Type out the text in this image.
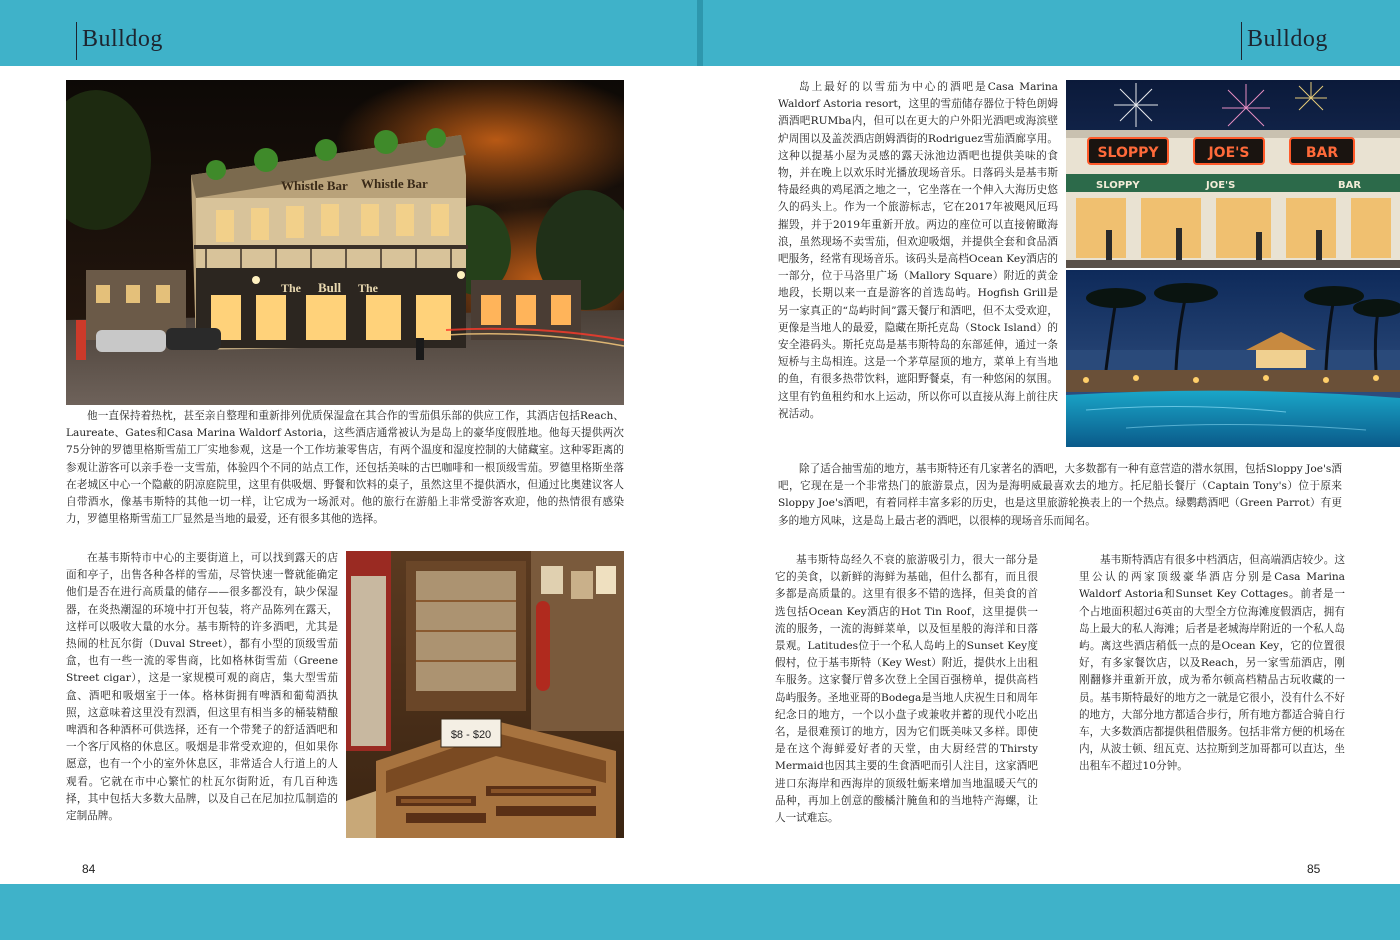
Bulldog	Bulldog
Whistle Bar Whistle Bar
The Bull The

他一直保持着热枕，甚至亲自整理和重新排列优质保湿盒在其合作的雪茄俱乐部的供应工作，其酒店包括Reach、Laureate、Gates和Casa Marina Waldorf Astoria，这些酒店通常被认为是岛上的豪华度假胜地。他每天提供两次75分钟的罗德里格斯雪茄工厂实地参观，这是一个工作坊兼零售店，有两个温度和湿度控制的大储藏室。这种零距离的参观让游客可以亲手卷一支雪茄，体验四个不同的站点工作，还包括美味的古巴咖啡和一根顶级雪茄。罗德里格斯坐落在老城区中心一个隐蔽的阴凉庭院里，这里有供吸烟、野餐和饮料的桌子，虽然这里不提供酒水，但通过比奥建议客人自带酒水，像基韦斯特的其他一切一样，让它成为一场派对。他的旅行在游船上非常受游客欢迎，他的热情很有感染力，罗德里格斯雪茄工厂显然是当地的最爱，还有很多其他的选择。

在基韦斯特市中心的主要街道上，可以找到露天的店面和亭子，出售各种各样的雪茄，尽管快速一瞥就能确定他们是否在进行高质量的储存——很多都没有，缺少保湿器，在炎热潮湿的环境中打开包装，将产品陈列在露天，这样可以吸收大量的水分。基韦斯特的许多酒吧，尤其是热闹的杜瓦尔街（Duval Street），都有小型的顶级雪茄盒，也有一些一流的零售商，比如格林街雪茄（Greene Street cigar），这是一家规模可观的商店，集大型雪茄盒、酒吧和吸烟室于一体。格林街拥有啤酒和葡萄酒执照，这意味着这里没有烈酒，但这里有相当多的桶装精酿啤酒和各种酒杯可供选择，还有一个带凳子的舒适酒吧和一个客厅风格的休息区。吸烟是非常受欢迎的，但如果你愿意，也有一个小的室外休息区，非常适合人行道上的人观看。它就在市中心繁忙的杜瓦尔街附近，有几百种选择，其中包括大多数大品牌，以及自己在尼加拉瓜制造的定制品牌。

$8 - $20
84

岛上最好的以雪茄为中心的酒吧是Casa Marina Waldorf Astoria resort，这里的雪茄储存器位于特色朗姆酒酒吧RUMba内，但可以在更大的户外阳光酒吧或海滨壁炉周围以及盖茨酒店朗姆酒街的Rodriguez雪茄酒廊享用。这种以提基小屋为灵感的露天泳池边酒吧也提供美味的食物，并在晚上以欢乐时光播放现场音乐。日落码头是基韦斯特最经典的鸡尾酒之地之一，它坐落在一个伸入大海历史悠久的码头上。作为一个旅游标志，它在2017年被飓风厄玛摧毁，并于2019年重新开放。两边的座位可以直接俯瞰海浪，虽然现场不卖雪茄，但欢迎吸烟，并提供全套和食品酒吧服务，经常有现场音乐。该码头是高档Ocean Key酒店的一部分，位于马洛里广场（Mallory Square）附近的黄金地段，长期以来一直是游客的首选岛屿。Hogfish Grill是另一家真正的“岛屿时间”露天餐厅和酒吧，但不太受欢迎，更像是当地人的最爱，隐藏在斯托克岛（Stock Island）的安全港码头。斯托克岛是基韦斯特岛的东部延伸，通过一条短桥与主岛相连。这是一个茅草屋顶的地方，菜单上有当地的鱼，有很多热带饮料，遮阳野餐桌，有一种悠闲的氛围。这里有钓鱼租约和水上运动，所以你可以直接从海上前往庆祝活动。

SLOPPY	JOE'S	BAR
SLOPPY	JOE'S	BAR

除了适合抽雪茄的地方，基韦斯特还有几家著名的酒吧，大多数都有一种有意营造的潜水氛围，包括Sloppy Joe's酒吧，它现在是一个非常热门的旅游景点，因为是海明威最喜欢去的地方。托尼船长餐厅（Captain Tony's）位于原来Sloppy Joe's酒吧，有着同样丰富多彩的历史，也是这里旅游轮换表上的一个热点。绿鹦鹉酒吧（Green Parrot）有更多的地方风味，这是岛上最古老的酒吧，以很棒的现场音乐而闻名。

基韦斯特岛经久不衰的旅游吸引力，很大一部分是它的美食，以新鲜的海鲜为基础，但什么都有，而且很多都是高质量的。这里有很多不错的选择，但美食的首选包括Ocean Key酒店的Hot Tin Roof，这里提供一流的服务，一流的海鲜菜单，以及恒星般的海洋和日落景观。Latitudes位于一个私人岛屿上的Sunset Key度假村，位于基韦斯特（Key West）附近，提供水上出租车服务。这家餐厅曾多次登上全国百强榜单，提供高档岛屿服务。圣地亚哥的Bodega是当地人庆祝生日和周年纪念日的地方，一个以小盘子或兼收并蓄的现代小吃出名，是很难预订的地方，因为它们既美味又多样。即使是在这个海鲜爱好者的天堂，由大厨经营的Thirsty Mermaid也因其主要的生食酒吧而引人注目，这家酒吧进口东海岸和西海岸的顶级牡蛎来增加当地温暖天气的品种，再加上创意的酸橘汁腌鱼和的当地特产海螺，让人一试难忘。

基韦斯特酒店有很多中档酒店，但高端酒店较少。这里公认的两家顶级豪华酒店分别是Casa Marina Waldorf Astoria和Sunset Key Cottages。前者是一个占地面积超过6英亩的大型全方位海滩度假酒店，拥有岛上最大的私人海滩；后者是老城海岸附近的一个私人岛屿。离这些酒店稍低一点的是Ocean Key，它的位置很好，有多家餐饮店，以及Reach，另一家雪茄酒店，刚刚翻修并重新开放，成为希尔顿高档精品古玩收藏的一员。基韦斯特最好的地方之一就是它很小，没有什么不好的地方，大部分地方都适合步行，所有地方都适合骑自行车，大多数酒店都提供租借服务。包括非常方便的机场在内，从波士顿、纽瓦克、达拉斯到芝加哥都可以直达，坐出租车不超过10分钟。

85
